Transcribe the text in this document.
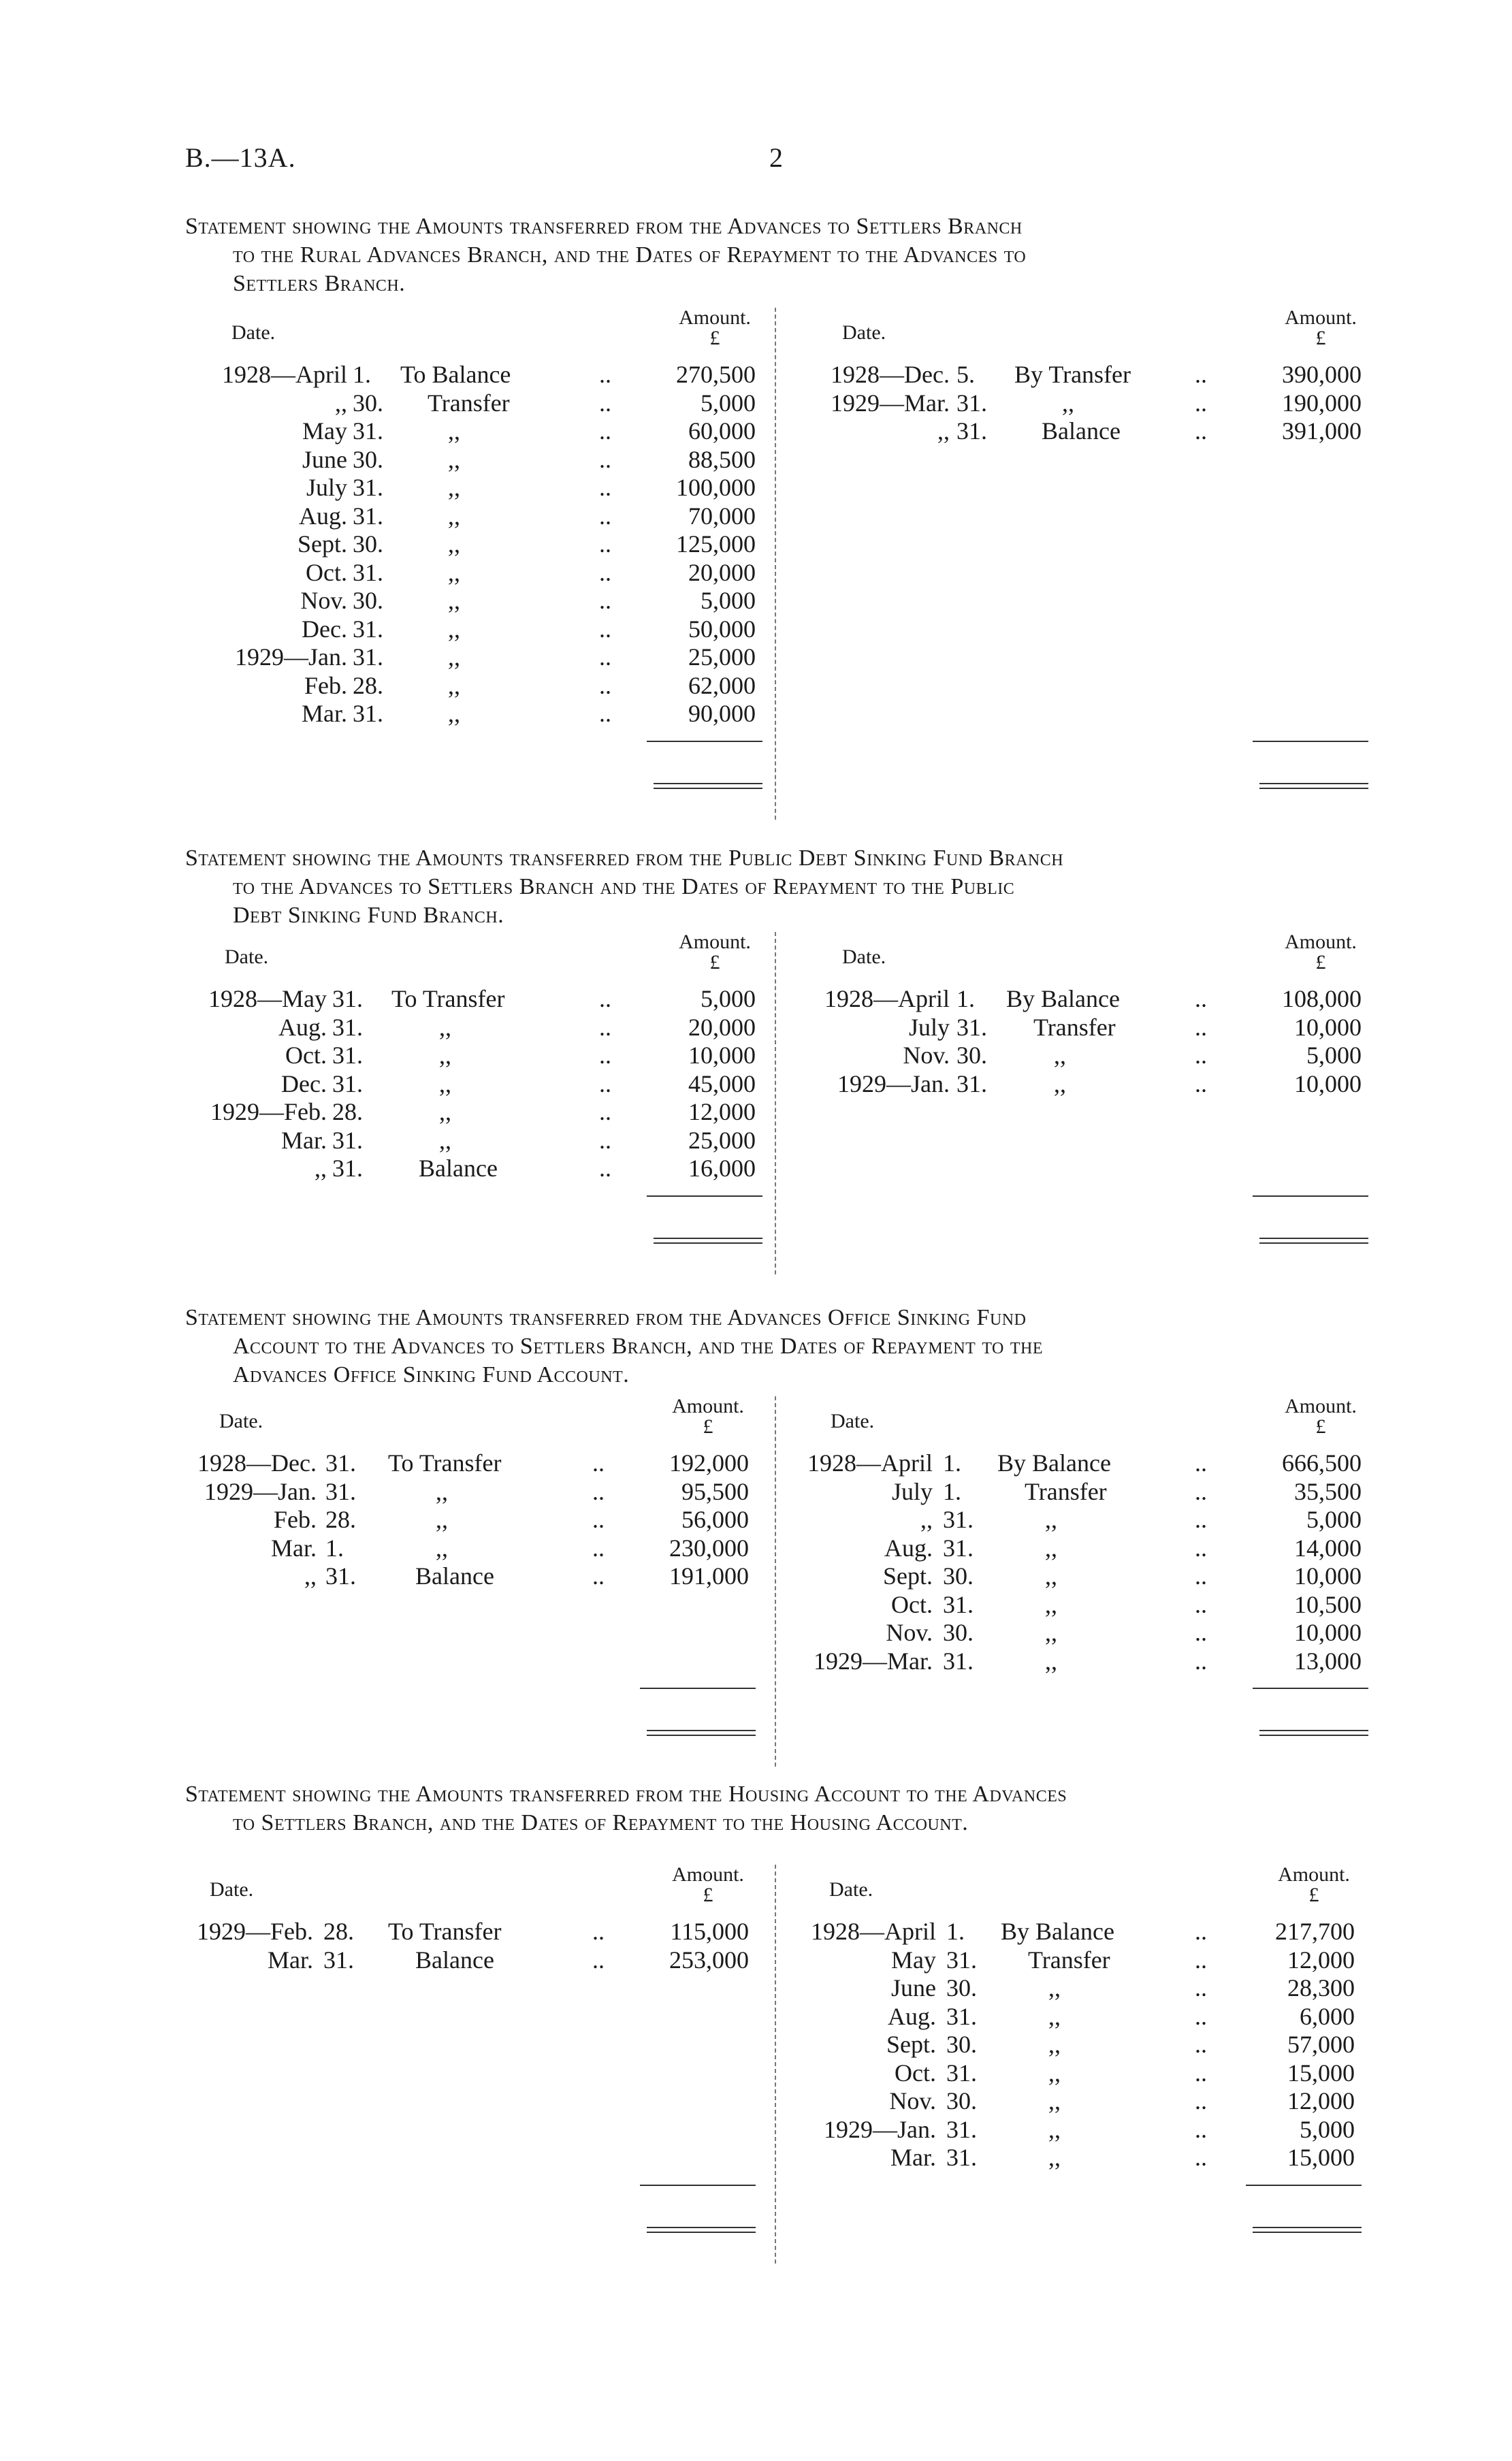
B.—13A.	2
Statement showing the Amounts transferred from the Advances to Settlers Branch
to the Rural Advances Branch, and the Dates of Repayment to the Advances to
Settlers Branch.
Date.
Amount.
£
1928—April 1. To Balance	..	270,500
,, 30. Transfer	..	5,000
May 31.	,,	..	60,000
June 30.	,,	..	88,500
July 31.	,,	..	100,000
Aug. 31.	,,	..	70,000
Sept. 30.	,,	..	125,000
Oct. 31.	,,	..	20,000
Nov. 30.	,,	..	5,000
Dec. 31.	,,	..	50,000
1929—Jan. 31.	,,	..	25,000
Feb. 28.	,,	..	62,000
Mar. 31.	,,	..	90,000
Date.
Amount.
£
1928—Dec. 5. By Transfer	..	390,000
1929—Mar. 31.	,,	..	190,000
,, 31. Balance	..	391,000
Statement showing the Amounts transferred from the Public Debt Sinking Fund Branch
to the Advances to Settlers Branch and the Dates of Repayment to the Public
Debt Sinking Fund Branch.
Date.
Amount.
£
1928—May 31. To Transfer	..	5,000
Aug. 31.	,,	..	20,000
Oct. 31.	,,	..	10,000
Dec. 31.	,,	..	45,000
1929—Feb. 28.	,,	..	12,000
Mar. 31.	,,	..	25,000
,, 31. Balance	..	16,000
Date.
Amount.
£
1928—April 1. By Balance	..	108,000
July 31. Transfer	..	10,000
Nov. 30.	,,	..	5,000
1929—Jan. 31.	,,	..	10,000
Statement showing the Amounts transferred from the Advances Office Sinking Fund
Account to the Advances to Settlers Branch, and the Dates of Repayment to the
Advances Office Sinking Fund Account.
Date.
Amount.
£
1928—Dec. 31. To Transfer	..	192,000
1929—Jan. 31.	,,	..	95,500
Feb. 28.	,,	..	56,000
Mar. 1.	,,	..	230,000
,, 31. Balance	..	191,000
Date.
Amount.
£
1928—April 1. By Balance	..	666,500
July 1.	Transfer	..	35,500
,, 31.	,,	..	5,000
Aug. 31.	,,	..	14,000
Sept. 30.	,,	..	10,000
Oct. 31.	,,	..	10,500
Nov. 30.	,,	..	10,000
1929—Mar. 31.	,,	..	13,000
Statement showing the Amounts transferred from the Housing Account to the Advances
to Settlers Branch, and the Dates of Repayment to the Housing Account.
Date.
Amount.
£
1929—Feb. 28. To Transfer	..	115,000
Mar. 31.	Balance	..	253,000
Date.
Amount.
£
1928—April 1. By Balance	..	217,700
May 31. Transfer	..	12,000
June 30.	,,	..	28,300
Aug. 31.	,,	..	6,000
Sept. 30.	,,	..	57,000
Oct. 31.	,,	..	15,000
Nov. 30.	,,	..	12,000
1929—Jan. 31.	,,	..	5,000
Mar. 31.	,,	..	15,000
